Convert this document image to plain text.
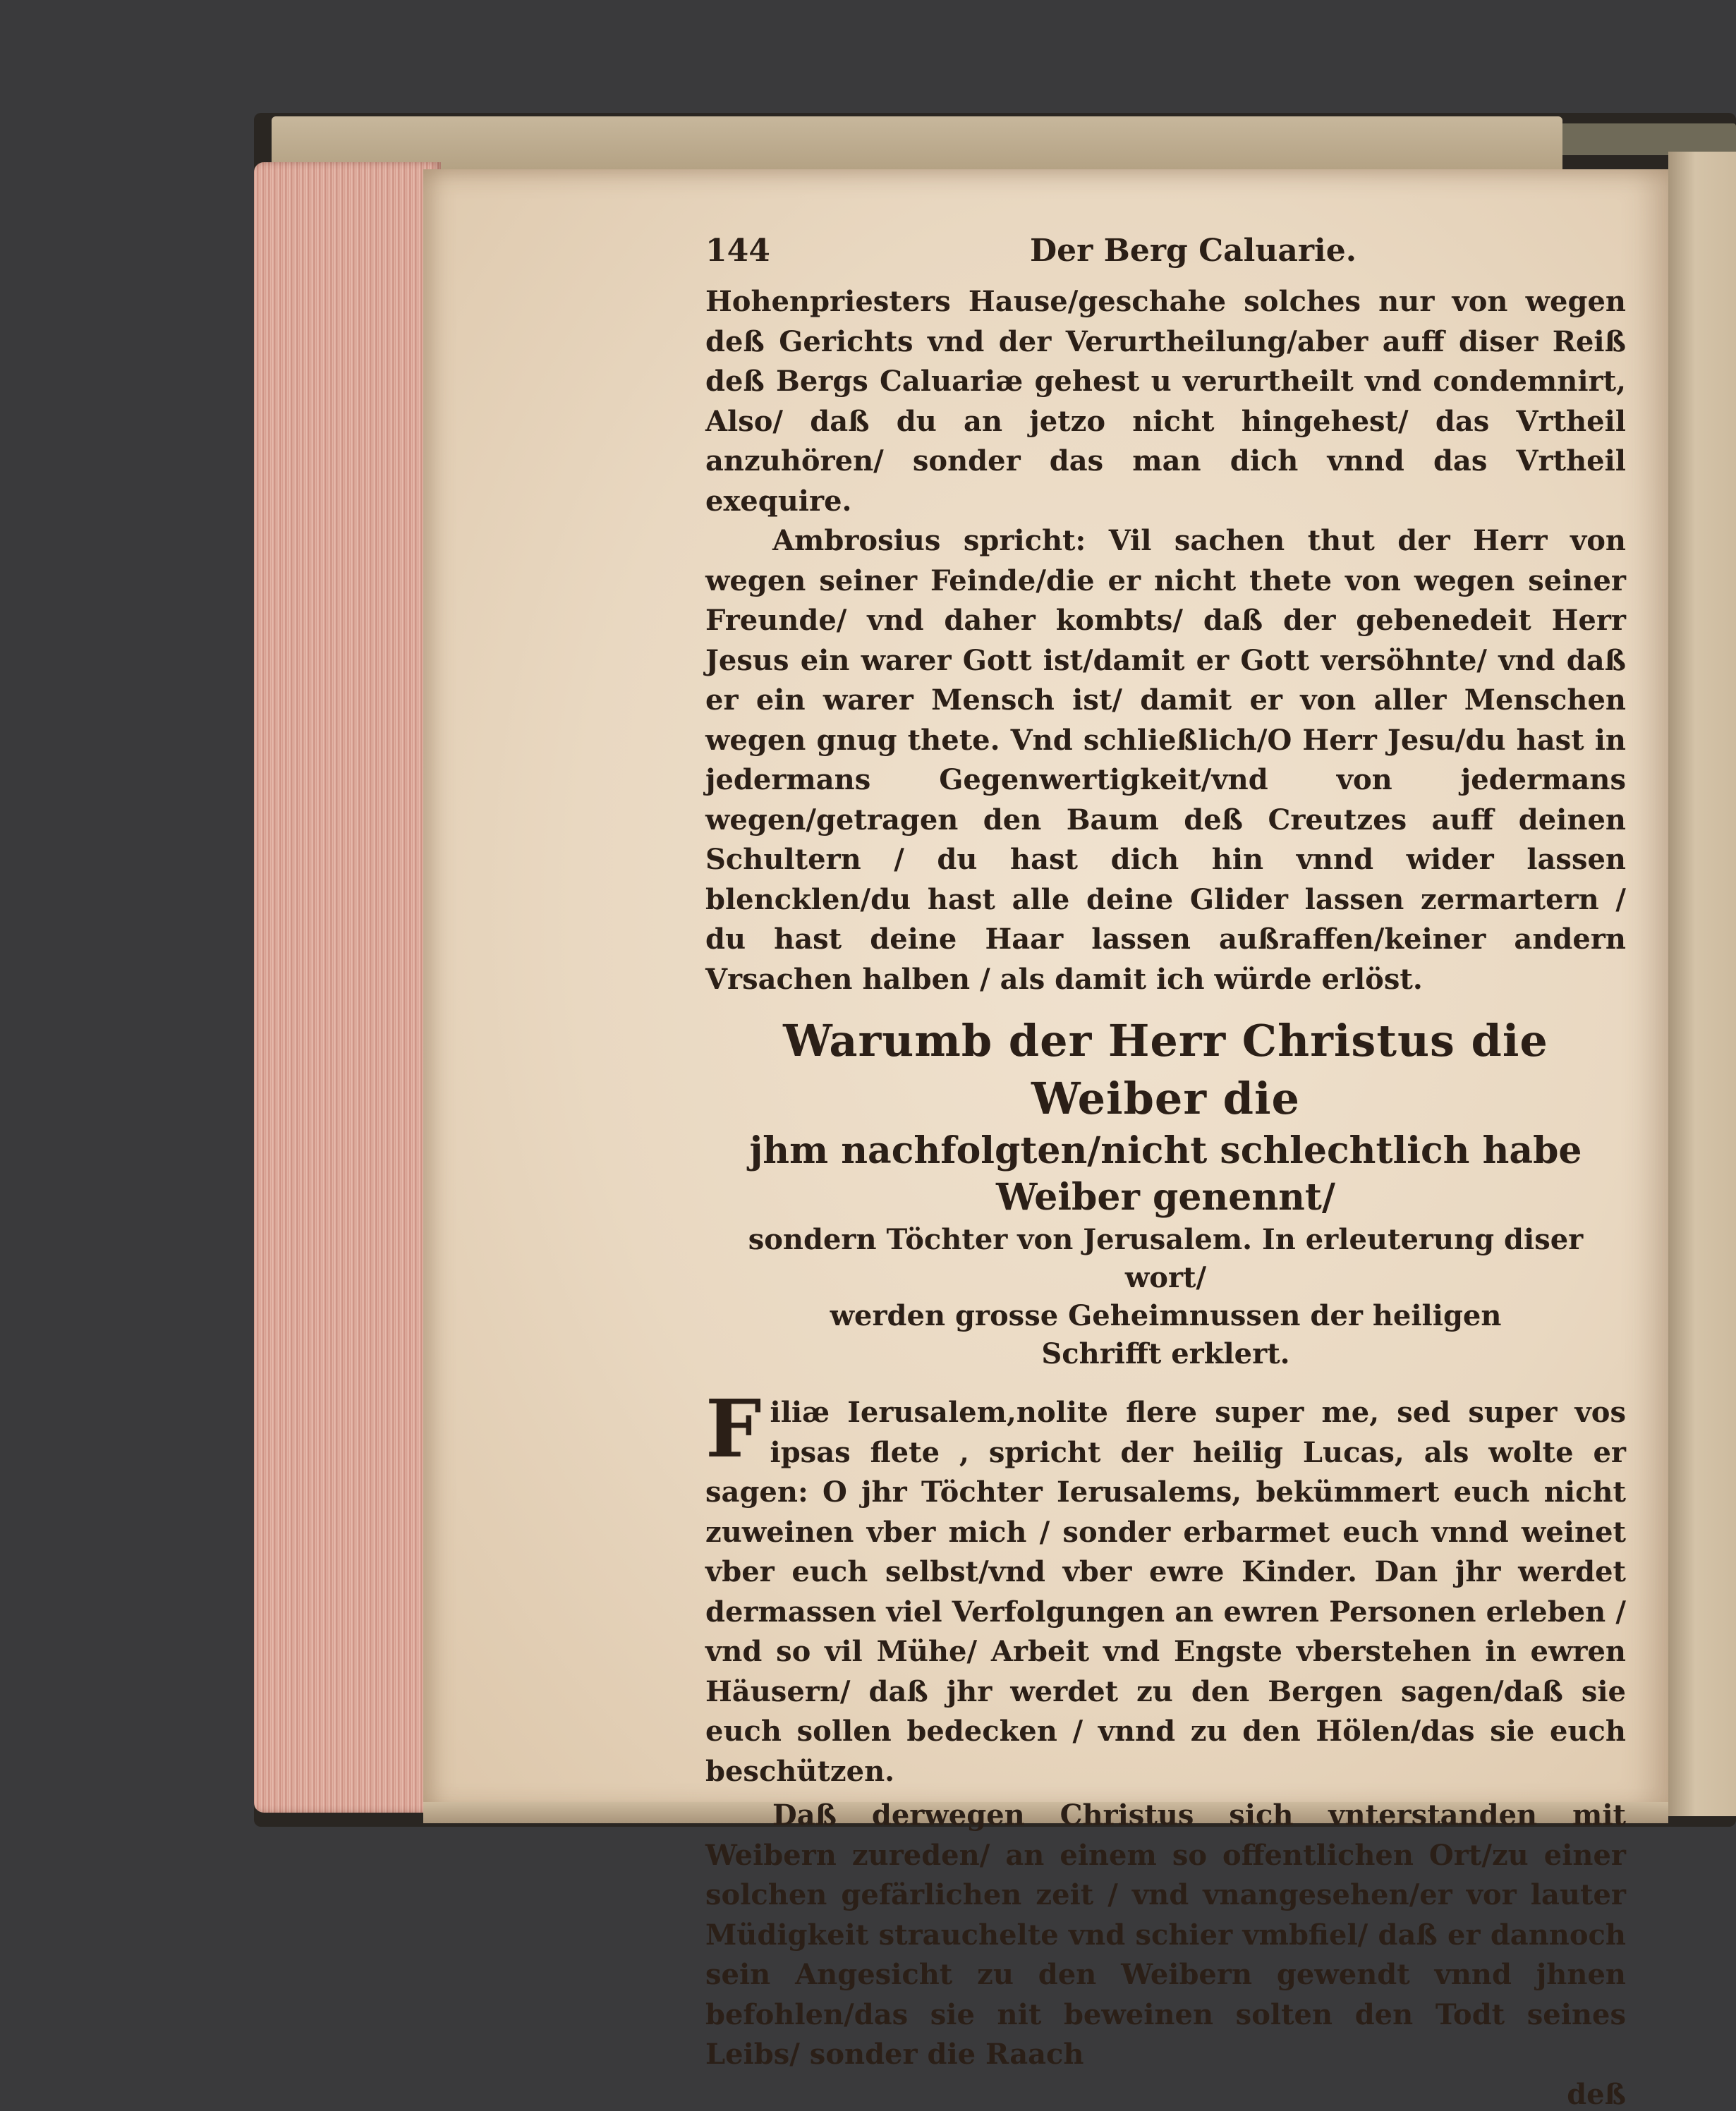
144	Der Berg Caluarie.

Hohenpriesters Hause/geschahe solches nur von wegen deß Gerichts vnd der Verurtheilung/aber auff diser Reiß deß Bergs Caluariæ gehest u verurtheilt vnd condemnirt, Also/ daß du an jetzo nicht hingehest/ das Vrtheil anzuhören/ sonder das man dich vnnd das Vrtheil exequire.

Ambrosius spricht: Vil sachen thut der Herr von wegen seiner Feinde/die er nicht thete von wegen seiner Freunde/ vnd daher kombts/ daß der gebenedeit Herr Jesus ein warer Gott ist/damit er Gott versöhnte/ vnd daß er ein warer Mensch ist/ damit er von aller Menschen wegen gnug thete. Vnd schließlich/O Herr Jesu/du hast in jedermans Gegenwertigkeit/vnd von jedermans wegen/getragen den Baum deß Creutzes auff deinen Schultern / du hast dich hin vnnd wider lassen blencklen/du hast alle deine Glider lassen zermartern / du hast deine Haar lassen außraffen/keiner andern Vrsachen halben / als damit ich würde erlöst.

Warumb der Herr Christus die Weiber die
jhm nachfolgten/nicht schlechtlich habe Weiber genennt/
sondern Töchter von Jerusalem. In erleuterung diser wort/
werden grosse Geheimnussen der heiligen
Schrifft erklert.

Filiæ Ierusalem,nolite flere super me, sed super vos ipsas flete , spricht der heilig Lucas, als wolte er sagen: O jhr Töchter Ierusalems, bekümmert euch nicht zuweinen vber mich / sonder erbarmet euch vnnd weinet vber euch selbst/vnd vber ewre Kinder. Dan jhr werdet dermassen viel Verfolgungen an ewren Personen erleben / vnd so vil Mühe/ Arbeit vnd Engste vberstehen in ewren Häusern/ daß jhr werdet zu den Bergen sagen/daß sie euch sollen bedecken / vnnd zu den Hölen/das sie euch beschützen.

Daß derwegen Christus sich vnterstanden mit Weibern zureden/ an einem so offentlichen Ort/zu einer solchen gefärlichen zeit / vnd vnangesehen/er vor lauter Müdigkeit strauchelte vnd schier vmbfiel/ daß er dannoch sein Angesicht zu den Weibern gewendt vnnd jhnen befohlen/das sie nit beweinen solten den Todt seines Leibs/ sonder die Raach

deß
